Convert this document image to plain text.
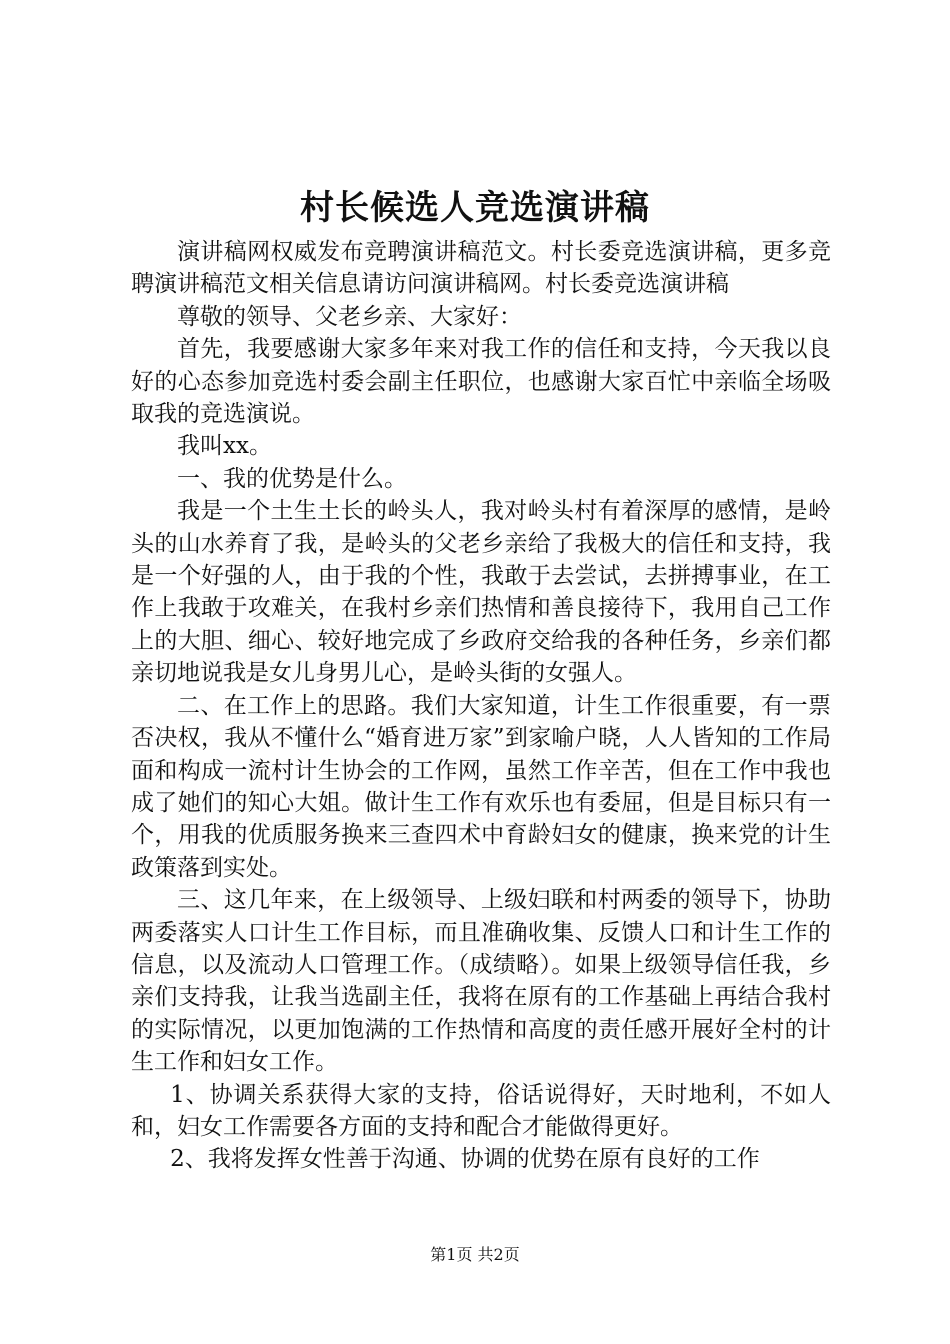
村长候选人竞选演讲稿

演讲稿网权威发布竞聘演讲稿范文。村长委竞选演讲稿，更多竞聘演讲稿范文相关信息请访问演讲稿网。村长委竞选演讲稿

尊敬的领导、父老乡亲、大家好：

首先，我要感谢大家多年来对我工作的信任和支持，今天我以良好的心态参加竞选村委会副主任职位，也感谢大家百忙中亲临全场吸取我的竞选演说。

我叫xx。

一、我的优势是什么。

我是一个土生土长的岭头人，我对岭头村有着深厚的感情，是岭头的山水养育了我，是岭头的父老乡亲给了我极大的信任和支持，我是一个好强的人，由于我的个性，我敢于去尝试，去拼搏事业，在工作上我敢于攻难关，在我村乡亲们热情和善良接待下，我用自己工作上的大胆、细心、较好地完成了乡政府交给我的各种任务，乡亲们都亲切地说我是女儿身男儿心，是岭头街的女强人。

二、在工作上的思路。我们大家知道，计生工作很重要，有一票否决权，我从不懂什么“婚育进万家”到家喻户晓，人人皆知的工作局面和构成一流村计生协会的工作网，虽然工作辛苦，但在工作中我也成了她们的知心大姐。做计生工作有欢乐也有委屈，但是目标只有一个，用我的优质服务换来三查四术中育龄妇女的健康，换来党的计生政策落到实处。

三、这几年来，在上级领导、上级妇联和村两委的领导下，协助两委落实人口计生工作目标，而且准确收集、反馈人口和计生工作的信息，以及流动人口管理工作。（成绩略）。如果上级领导信任我，乡亲们支持我，让我当选副主任，我将在原有的工作基础上再结合我村的实际情况，以更加饱满的工作热情和高度的责任感开展好全村的计生工作和妇女工作。

1、协调关系获得大家的支持，俗话说得好，天时地利，不如人和，妇女工作需要各方面的支持和配合才能做得更好。

2、我将发挥女性善于沟通、协调的优势在原有良好的工作

第1页 共2页
